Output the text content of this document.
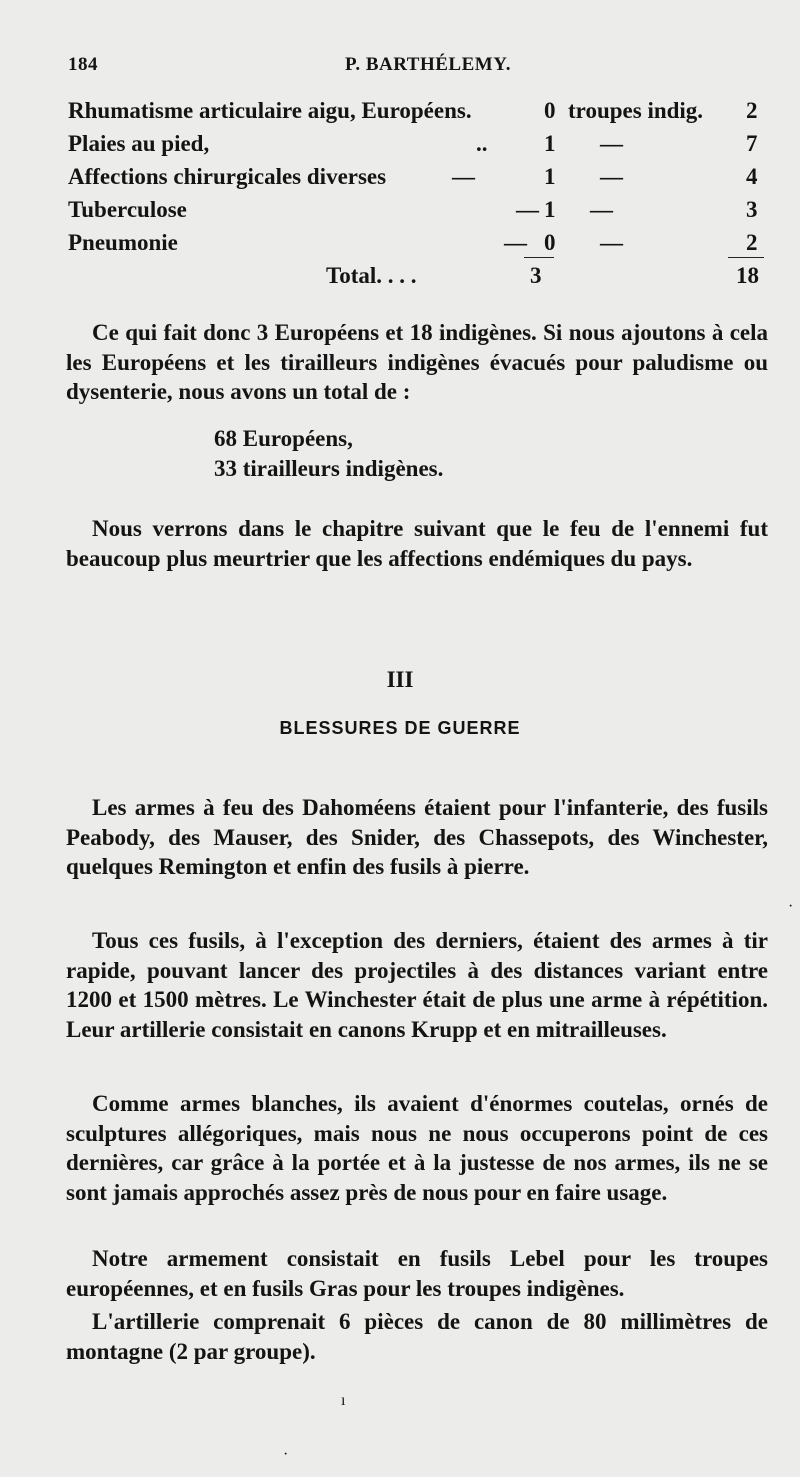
184	P. BARTHÉLEMY.
Rhumatisme articulaire aigu, Européens.	0 troupes indig. 2
Plaies au pied,	.. 1 —	7
Affections chirurgicales diverses	—	1 —	4
Tuberculose	— 1 —	3
Pneumonie	— 0 —	2
Total. . . .	3	18
Ce qui fait donc 3 Européens et 18 indigènes. Si nous ajoutons à cela les Européens et les tirailleurs indigènes évacués pour paludisme ou dysenterie, nous avons un total de :
68 Européens,
33 tirailleurs indigènes.
Nous verrons dans le chapitre suivant que le feu de l'ennemi fut beaucoup plus meurtrier que les affections endémiques du pays.
III
BLESSURES DE GUERRE
Les armes à feu des Dahoméens étaient pour l'infanterie, des fusils Peabody, des Mauser, des Snider, des Chassepots, des Winchester, quelques Remington et enfin des fusils à pierre.
Tous ces fusils, à l'exception des derniers, étaient des armes à tir rapide, pouvant lancer des projectiles à des distances variant entre 1200 et 1500 mètres. Le Winchester était de plus une arme à répétition. Leur artillerie consistait en canons Krupp et en mitrailleuses.
Comme armes blanches, ils avaient d'énormes coutelas, ornés de sculptures allégoriques, mais nous ne nous occuperons point de ces dernières, car grâce à la portée et à la justesse de nos armes, ils ne se sont jamais approchés assez près de nous pour en faire usage.
Notre armement consistait en fusils Lebel pour les troupes européennes, et en fusils Gras pour les troupes indigènes.
L'artillerie comprenait 6 pièces de canon de 80 millimètres de montagne (2 par groupe).
ı
·
·
